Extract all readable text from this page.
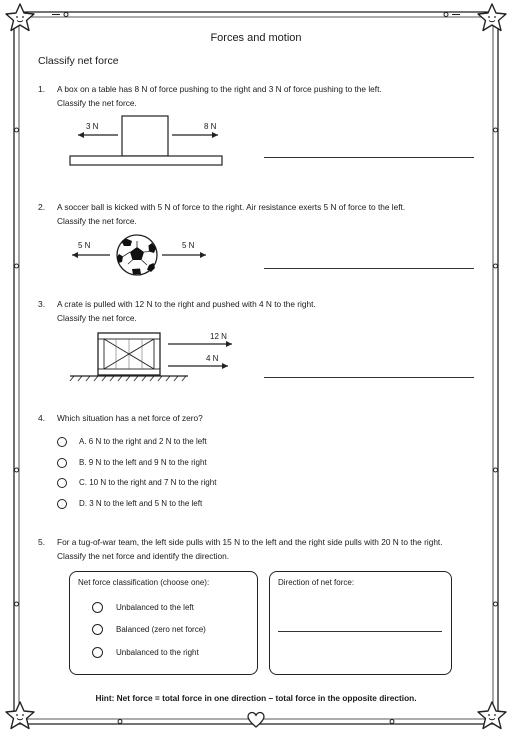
Forces and motion
Classify net force
1. A box on a table has 8 N of force pushing to the right and 3 N of force pushing to the left.
Classify the net force.
3 N	8 N
2. A soccer ball is kicked with 5 N of force to the right. Air resistance exerts 5 N of force to the left.
Classify the net force.
5 N	5 N
3. A crate is pulled with 12 N to the right and pushed with 4 N to the right.
Classify the net force.
12 N
4 N
4. Which situation has a net force of zero?
A. 6 N to the right and 2 N to the left
B. 9 N to the left and 9 N to the right
C. 10 N to the right and 7 N to the right
D. 3 N to the left and 5 N to the left
5. For a tug-of-war team, the left side pulls with 15 N to the left and the right side pulls with 20 N to the right.
Classify the net force and identify the direction.
Net force classification (choose one):
Unbalanced to the left
Balanced (zero net force)
Unbalanced to the right
Direction of net force:
Hint: Net force = total force in one direction – total force in the opposite direction.
